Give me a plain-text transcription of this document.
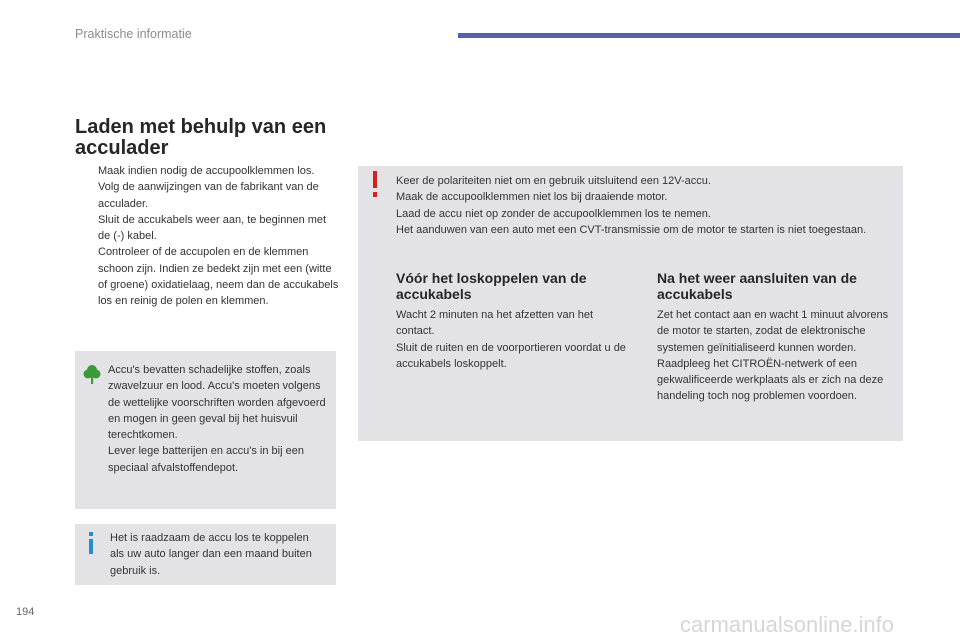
Praktische informatie
Laden met behulp van een acculader
Maak indien nodig de accupoolklemmen los.
Volg de aanwijzingen van de fabrikant van de acculader.
Sluit de accukabels weer aan, te beginnen met de (-) kabel.
Controleer of de accupolen en de klemmen schoon zijn. Indien ze bedekt zijn met een (witte of groene) oxidatielaag, neem dan de accukabels los en reinig de polen en klemmen.
Accu's bevatten schadelijke stoffen, zoals zwavelzuur en lood. Accu's moeten volgens de wettelijke voorschriften worden afgevoerd en mogen in geen geval bij het huisvuil terechtkomen.
Lever lege batterijen en accu's in bij een speciaal afvalstoffendepot.
Het is raadzaam de accu los te koppelen als uw auto langer dan een maand buiten gebruik is.
Keer de polariteiten niet om en gebruik uitsluitend een 12V-accu.
Maak de accupoolklemmen niet los bij draaiende motor.
Laad de accu niet op zonder de accupoolklemmen los te nemen.
Het aanduwen van een auto met een CVT-transmissie om de motor te starten is niet toegestaan.
Vóór het loskoppelen van de accukabels
Wacht 2 minuten na het afzetten van het contact.
Sluit de ruiten en de voorportieren voordat u de accukabels loskoppelt.
Na het weer aansluiten van de accukabels
Zet het contact aan en wacht 1 minuut alvorens de motor te starten, zodat de elektronische systemen geïnitialiseerd kunnen worden. Raadpleeg het CITROËN-netwerk of een gekwalificeerde werkplaats als er zich na deze handeling toch nog problemen voordoen.
194	carmanualsonline.info
